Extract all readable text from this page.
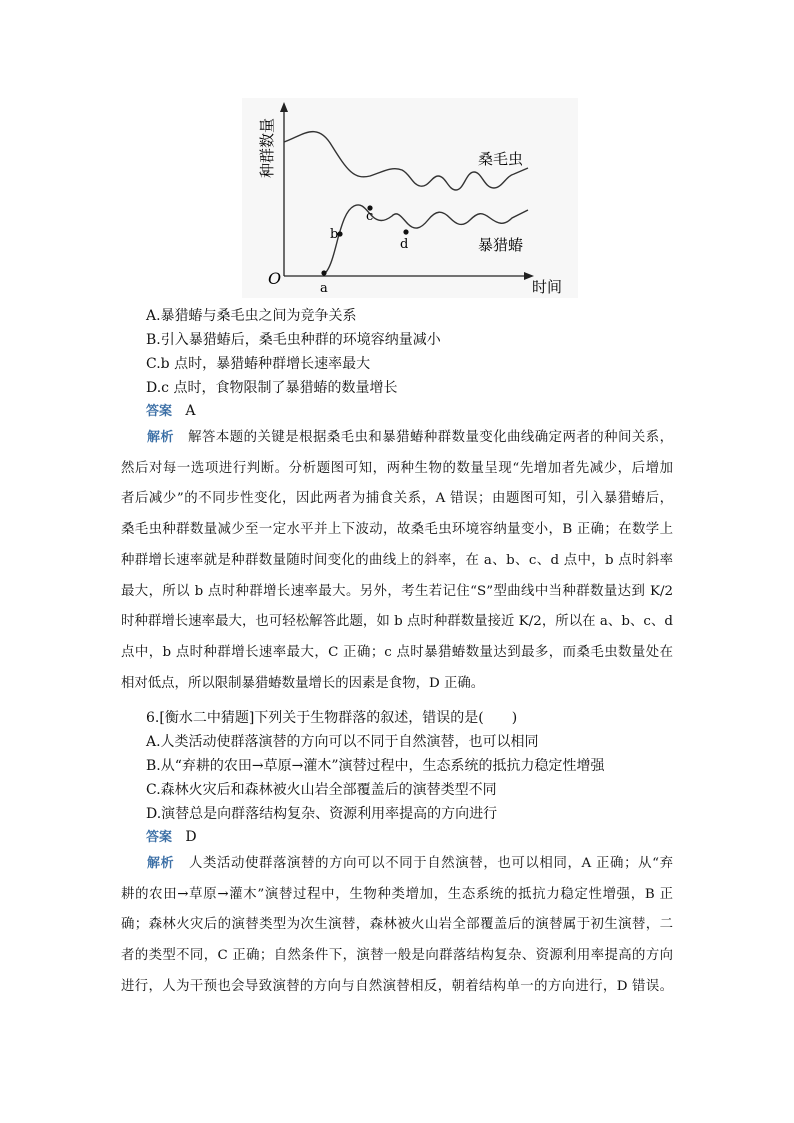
a
b
c
d
O	时间
桑毛虫
暴猎蝽
种群数量
A.暴猎蝽与桑毛虫之间为竞争关系
B.引入暴猎蝽后，桑毛虫种群的环境容纳量减小
C.b 点时，暴猎蝽种群增长速率最大
D.c 点时，食物限制了暴猎蝽的数量增长
答案 A
解析 解答本题的关键是根据桑毛虫和暴猎蝽种群数量变化曲线确定两者的种间关系，
然后对每一选项进行判断。分析题图可知，两种生物的数量呈现“先增加者先减少，后增加
者后减少”的不同步性变化，因此两者为捕食关系，A 错误；由题图可知，引入暴猎蝽后，
桑毛虫种群数量减少至一定水平并上下波动，故桑毛虫环境容纳量变小，B 正确；在数学上
种群增长速率就是种群数量随时间变化的曲线上的斜率，在 a、b、c、d 点中，b 点时斜率
最大，所以 b 点时种群增长速率最大。另外，考生若记住“S”型曲线中当种群数量达到 K/2
时种群增长速率最大，也可轻松解答此题，如 b 点时种群数量接近 K/2，所以在 a、b、c、d
点中，b 点时种群增长速率最大，C 正确；c 点时暴猎蝽数量达到最多，而桑毛虫数量处在
相对低点，所以限制暴猎蝽数量增长的因素是食物，D 正确。
6.[衡水二中猜题]下列关于生物群落的叙述，错误的是(　　)
A.人类活动使群落演替的方向可以不同于自然演替，也可以相同
B.从“弃耕的农田→草原→灌木”演替过程中，生态系统的抵抗力稳定性增强
C.森林火灾后和森林被火山岩全部覆盖后的演替类型不同
D.演替总是向群落结构复杂、资源利用率提高的方向进行
答案 D
解析 人类活动使群落演替的方向可以不同于自然演替，也可以相同，A 正确；从“弃
耕的农田→草原→灌木”演替过程中，生物种类增加，生态系统的抵抗力稳定性增强，B 正
确；森林火灾后的演替类型为次生演替，森林被火山岩全部覆盖后的演替属于初生演替，二
者的类型不同，C 正确；自然条件下，演替一般是向群落结构复杂、资源利用率提高的方向
进行，人为干预也会导致演替的方向与自然演替相反，朝着结构单一的方向进行，D 错误。
